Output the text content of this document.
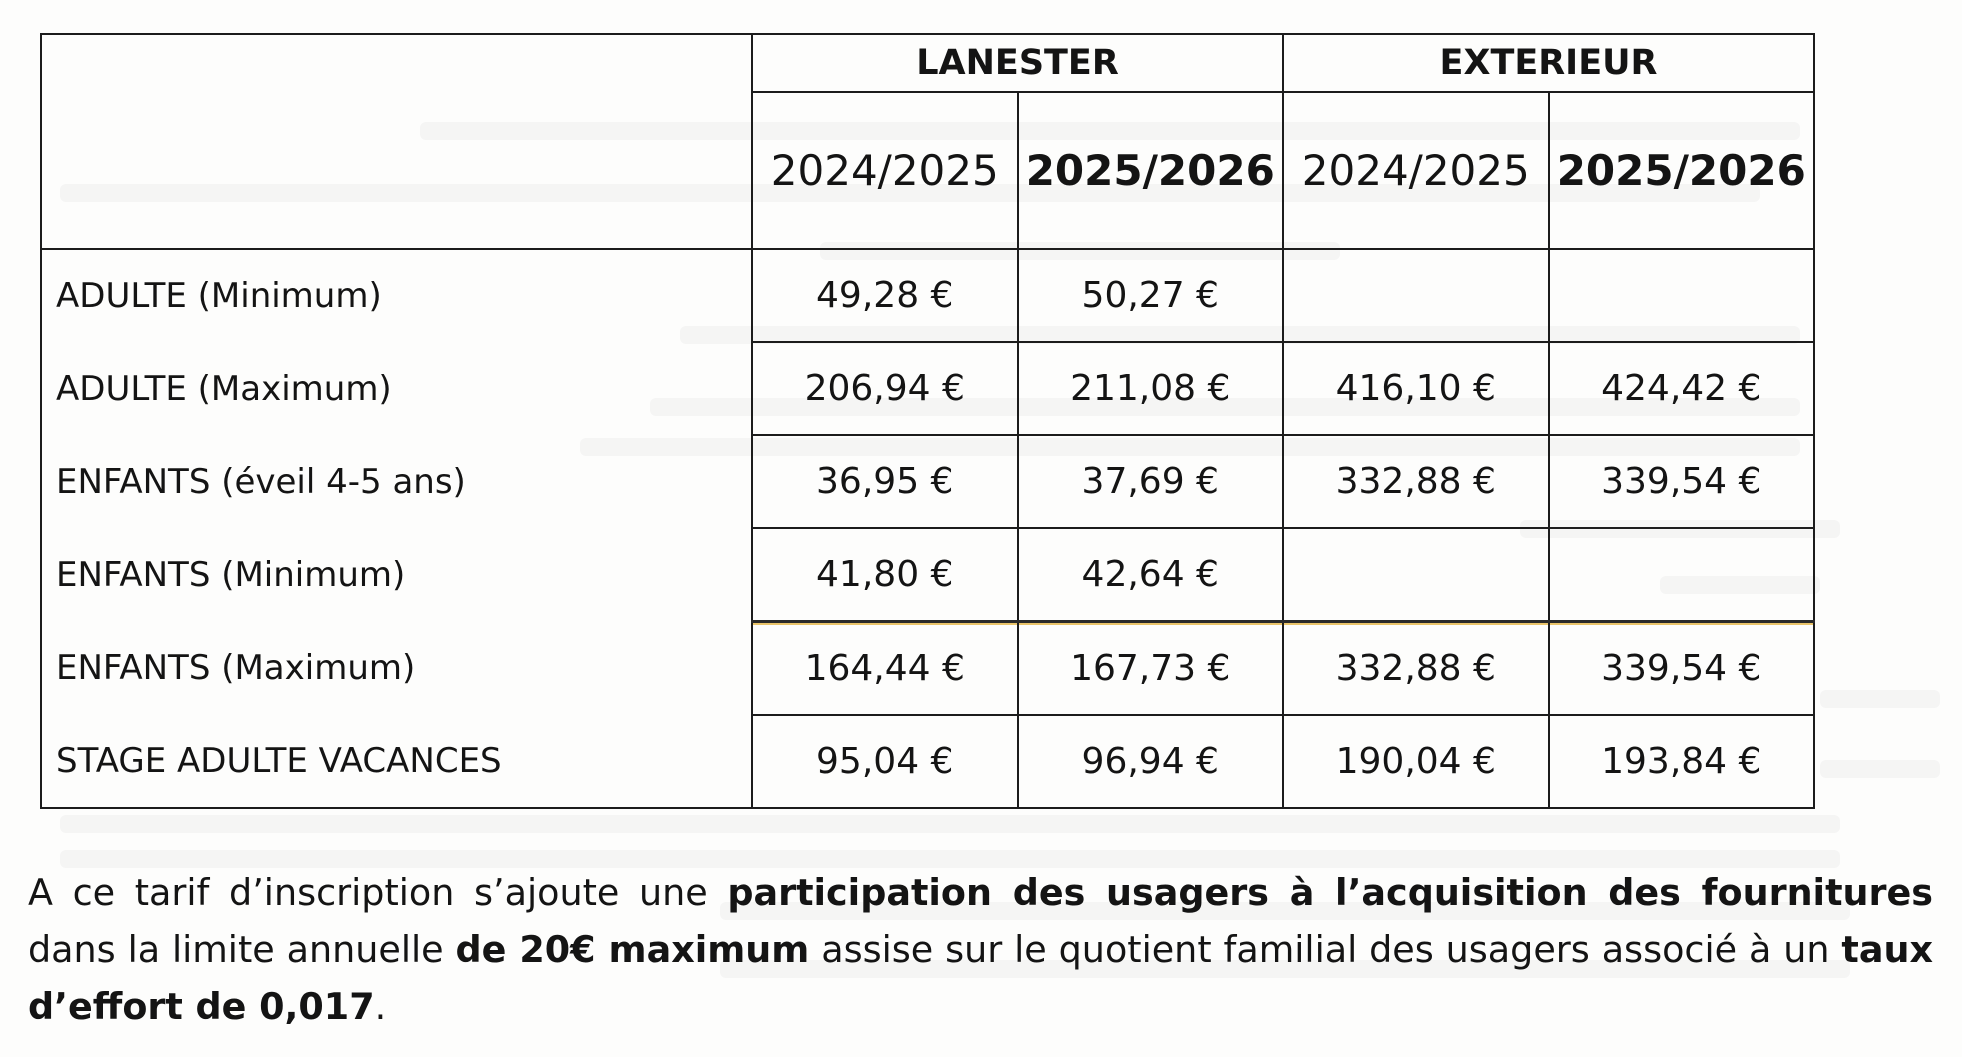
	LANESTER		EXTERIEUR	
	2024/2025	2025/2026	2024/2025	2025/2026
ADULTE (Minimum)	49,28 €	50,27 €		
ADULTE (Maximum)	206,94 €	211,08 €	416,10 €	424,42 €
ENFANTS (éveil 4-5 ans)	36,95 €	37,69 €	332,88 €	339,54 €
ENFANTS (Minimum)	41,80 €	42,64 €		
ENFANTS (Maximum)	164,44 €	167,73 €	332,88 €	339,54 €
STAGE ADULTE VACANCES	95,04 €	96,94 €	190,04 €	193,84 €

A ce tarif d’inscription s’ajoute une participation des usagers à l’acquisition des fournitures dans la limite annuelle de 20€ maximum assise sur le quotient familial des usagers associé à un taux d’effort de 0,017.
